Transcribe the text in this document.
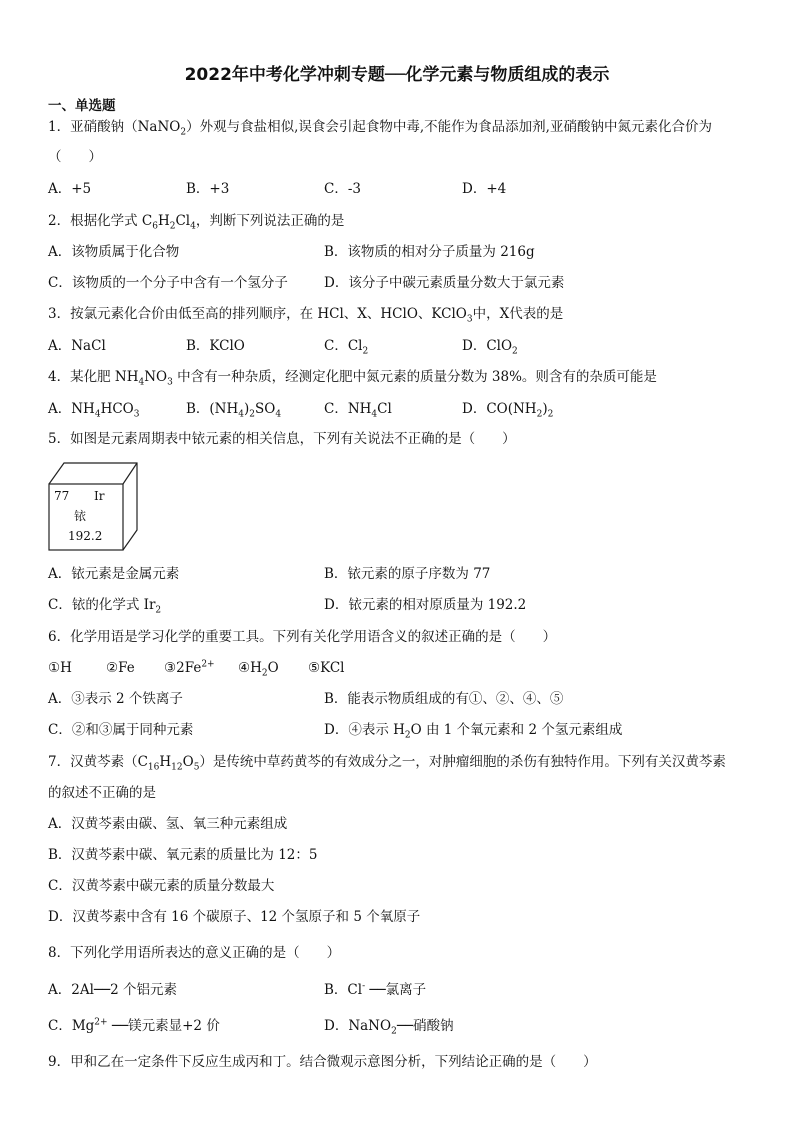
2022年中考化学冲刺专题──化学元素与物质组成的表示
一、单选题
1．亚硝酸钠（NaNO$_2$）外观与食盐相似,误食会引起食物中毒,不能作为食品添加剂,亚硝酸钠中氮元素化合价为
（　　）
A．+5	B．+3	C．-3	D．+4
2．根据化学式 $C_6H_2Cl_4$，判断下列说法正确的是
A．该物质属于化合物	B．该物质的相对分子质量为 216g
C．该物质的一个分子中含有一个氢分子	D．该分子中碳元素质量分数大于氯元素
3．按氯元素化合价由低至高的排列顺序，在 HCl、X、HClO、KClO$_3$中，X代表的是
A．NaCl	B．KClO	C．$Cl_2$	D．ClO$_2$
4．某化肥 $NH_4NO_3$ 中含有一种杂质，经测定化肥中氮元素的质量分数为 38%。则含有的杂质可能是
A．$NH_4HCO_3$	B．$(NH_4)_2SO_4$	C．$NH_4Cl$	D．$CO(NH_2)_2$
5．如图是元素周期表中铱元素的相关信息，下列有关说法不正确的是（　　）
77 Ir
铱
192.2
A．铱元素是金属元素	B．铱元素的原子序数为 77
C．铱的化学式 $Ir_2$	D．铱元素的相对原质量为 192.2
6．化学用语是学习化学的重要工具。下列有关化学用语含义的叙述正确的是（　　）
①H	②Fe $③2Fe^{2+}$ $④H_2O$ ⑤KCl
A．③表示 2 个铁离子	B．能表示物质组成的有①、②、④、⑤
C．②和③属于同种元素	D．④表示 $H_2O$ 由 1 个氧元素和 2 个氢元素组成
7．汉黄芩素$(C_{16}H_{12}O_5)$是传统中草药黄芩的有效成分之一，对肿瘤细胞的杀伤有独特作用。下列有关汉黄芩素
的叙述不正确的是
A．汉黄芩素由碳、氢、氧三种元素组成
B．汉黄芩素中碳、氧元素的质量比为 12：5
C．汉黄芩素中碳元素的质量分数最大
D．汉黄芩素中含有 16 个碳原子、12 个氢原子和 5 个氧原子
8．下列化学用语所表达的意义正确的是（　　）
A．2Al──2 个铝元素	B．Cl- ──氯离子
C．$Mg^{2+}$ ──镁元素显+2 价	D．NaNO$_2$──硝酸钠
9．甲和乙在一定条件下反应生成丙和丁。结合微观示意图分析，下列结论正确的是（　　）
